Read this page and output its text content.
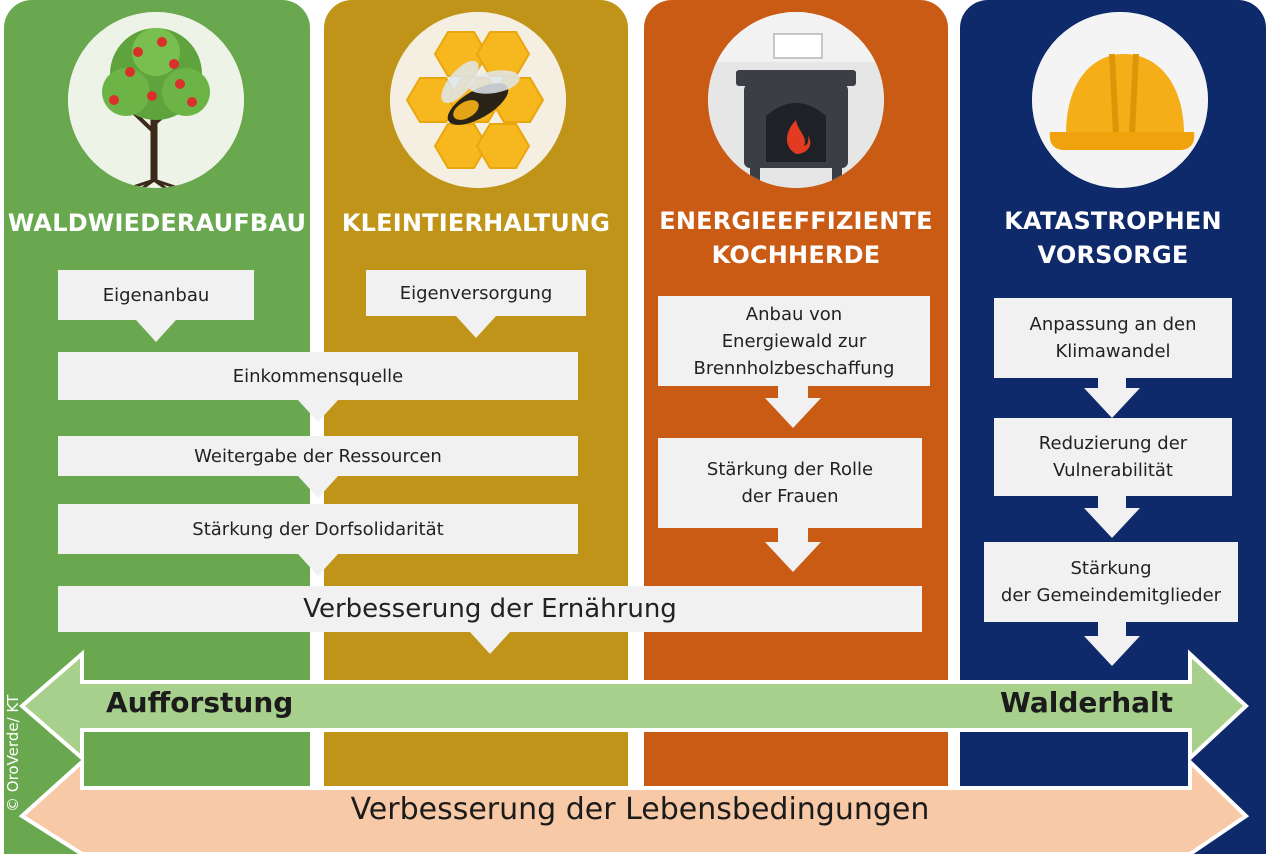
WALDWIEDERAUFBAU	KLEINTIERHALTUNG	ENERGIEEFFIZIENTE
KOCHHERDE
KATASTROPHEN
VORSORGE
Eigenanbau	Eigenversorgung
Einkommensquelle
Weitergabe der Ressourcen
Stärkung der Dorfsolidarität
Verbesserung der Ernährung
Anbau von
Energiewald zur
Brennholzbeschaffung
Stärkung der Rolle
der Frauen
Anpassung an den
Klimawandel
Reduzierung der
Vulnerabilität
Stärkung
der Gemeindemitglieder
Aufforstung	Walderhalt
Verbesserung der Lebensbedingungen
© OroVerde/ KT
